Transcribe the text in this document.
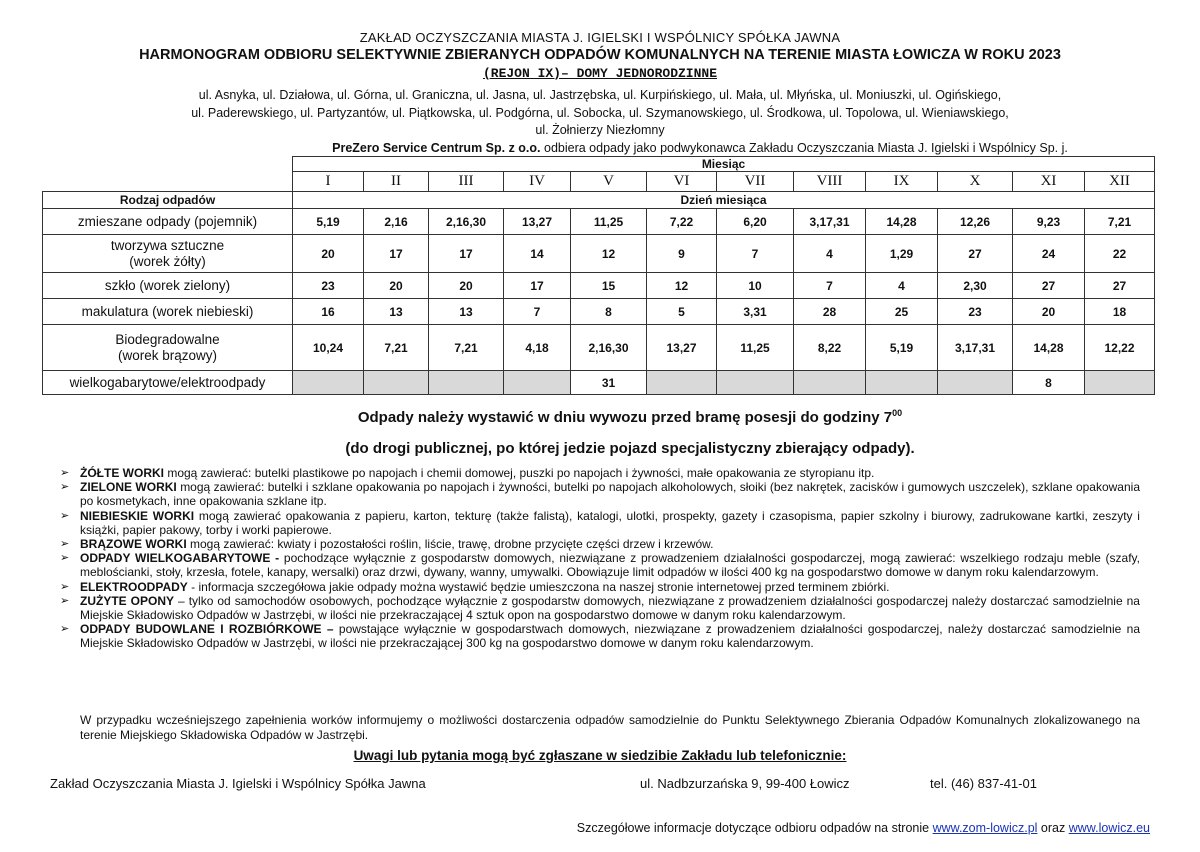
ZAKŁAD OCZYSZCZANIA MIASTA J. IGIELSKI I WSPÓLNICY SPÓŁKA JAWNA
HARMONOGRAM ODBIORU SELEKTYWNIE ZBIERANYCH ODPADÓW KOMUNALNYCH NA TERENIE MIASTA ŁOWICZA W ROKU 2023
(REJON IX)– DOMY JEDNORODZINNE
ul. Asnyka, ul. Działowa, ul. Górna, ul. Graniczna, ul. Jasna, ul. Jastrzębska, ul. Kurpińskiego, ul. Mała, ul. Młyńska, ul. Moniuszki, ul. Ogińskiego,
ul. Paderewskiego, ul. Partyzantów, ul. Piątkowska, ul. Podgórna, ul. Sobocka, ul. Szymanowskiego, ul. Środkowa, ul. Topolowa, ul. Wieniawskiego,
ul. Żołnierzy Niezłomny
PreZero Service Centrum Sp. z o.o. odbiera odpady jako podwykonawca Zakładu Oczyszczania Miasta J. Igielski i Wspólnicy Sp. j.
	Miesiąc											
	I	II	III	IV	V	VI	VII	VIII	IX	X	XI	XII
Rodzaj odpadów	Dzień miesiąca											

zmieszane odpady (pojemnik)	5,19	2,16	2,16,30	13,27	11,25	7,22	6,20	3,17,31	14,28	12,26	9,23	7,21

tworzywa sztuczne
(worek żółty)	20	17	17	14	12	9	7	4	1,29	27	24	22

szkło (worek zielony)	23	20	20	17	15	12	10	7	4	2,30	27	27

makulatura (worek niebieski)	16	13	13	7	8	5	3,31	28	25	23	20	18

Biodegradowalne
(worek brązowy)	10,24	7,21	7,21	4,18	2,16,30	13,27	11,25	8,22	5,19	3,17,31	14,28	12,22

wielkogabarytowe/elektroodpady					31						8	
Odpady należy wystawić w dniu wywozu przed bramę posesji do godziny $7^{00}$
(do drogi publicznej, po której jedzie pojazd specjalistyczny zbierający odpady).
➢ ŻÓŁTE WORKI mogą zawierać: butelki plastikowe po napojach i chemii domowej, puszki po napojach i żywności, małe opakowania ze styropianu itp.
➢ ZIELONE WORKI mogą zawierać: butelki i szklane opakowania po napojach i żywności, butelki po napojach alkoholowych, słoiki (bez nakrętek, zacisków i gumowych uszczelek), szklane opakowania po kosmetykach, inne opakowania szklane itp.
➢ NIEBIESKIE WORKI mogą zawierać opakowania z papieru, karton, tekturę (także falistą), katalogi, ulotki, prospekty, gazety i czasopisma, papier szkolny i biurowy, zadrukowane kartki, zeszyty i książki, papier pakowy, torby i worki papierowe.
➢ BRĄZOWE WORKI mogą zawierać: kwiaty i pozostałości roślin, liście, trawę, drobne przycięte części drzew i krzewów.
➢ ODPADY WIELKOGABARYTOWE - pochodzące wyłącznie z gospodarstw domowych, niezwiązane z prowadzeniem działalności gospodarczej, mogą zawierać: wszelkiego rodzaju meble (szafy, meblościanki, stoły, krzesła, fotele, kanapy, wersalki) oraz drzwi, dywany, wanny, umywalki. Obowiązuje limit odpadów w ilości 400 kg na gospodarstwo domowe w danym roku kalendarzowym.
➢ ELEKTROODPADY - informacja szczegółowa jakie odpady można wystawić będzie umieszczona na naszej stronie internetowej przed terminem zbiórki.
➢ ZUŻYTE OPONY – tylko od samochodów osobowych, pochodzące wyłącznie z gospodarstw domowych, niezwiązane z prowadzeniem działalności gospodarczej należy dostarczać samodzielnie na Miejskie Składowisko Odpadów w Jastrzębi, w ilości nie przekraczającej 4 sztuk opon na gospodarstwo domowe w danym roku kalendarzowym.
➢ ODPADY BUDOWLANE I ROZBIÓRKOWE – powstające wyłącznie w gospodarstwach domowych, niezwiązane z prowadzeniem działalności gospodarczej, należy dostarczać samodzielnie na Miejskie Składowisko Odpadów w Jastrzębi, w ilości nie przekraczającej 300 kg na gospodarstwo domowe w danym roku kalendarzowym.
W przypadku wcześniejszego zapełnienia worków informujemy o możliwości dostarczenia odpadów samodzielnie do Punktu Selektywnego Zbierania Odpadów Komunalnych zlokalizowanego na terenie Miejskiego Składowiska Odpadów w Jastrzębi.
Uwagi lub pytania mogą być zgłaszane w siedzibie Zakładu lub telefonicznie:
Zakład Oczyszczania Miasta J. Igielski i Wspólnicy Spółka Jawna	ul. Nadbzurzańska 9, 99-400 Łowicz	tel. (46) 837-41-01
Szczegółowe informacje dotyczące odbioru odpadów na stronie www.zom-lowicz.pl oraz www.lowicz.eu
